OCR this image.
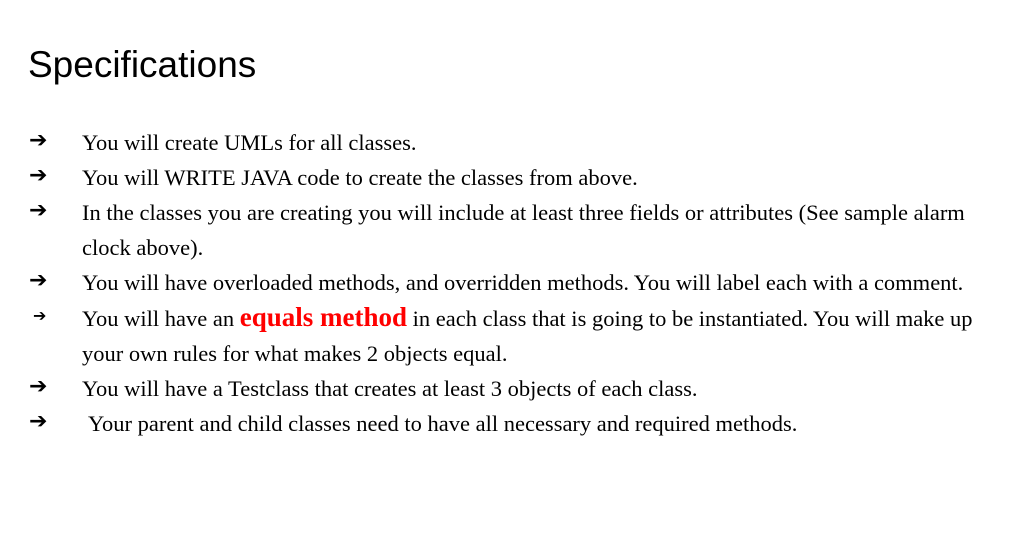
Specifications
➔ You will create UMLs for all classes.
➔ You will WRITE JAVA code to create the classes from above.
➔ In the classes you are creating you will include at least three fields or attributes (See sample alarm clock above).
➔ You will have overloaded methods, and overridden methods. You will label each with a comment.
➔ You will have an equals method in each class that is going to be instantiated. You will make up your own rules for what makes 2 objects equal.
➔ You will have a Testclass that creates at least 3 objects of each class.
➔ Your parent and child classes need to have all necessary and required methods.
